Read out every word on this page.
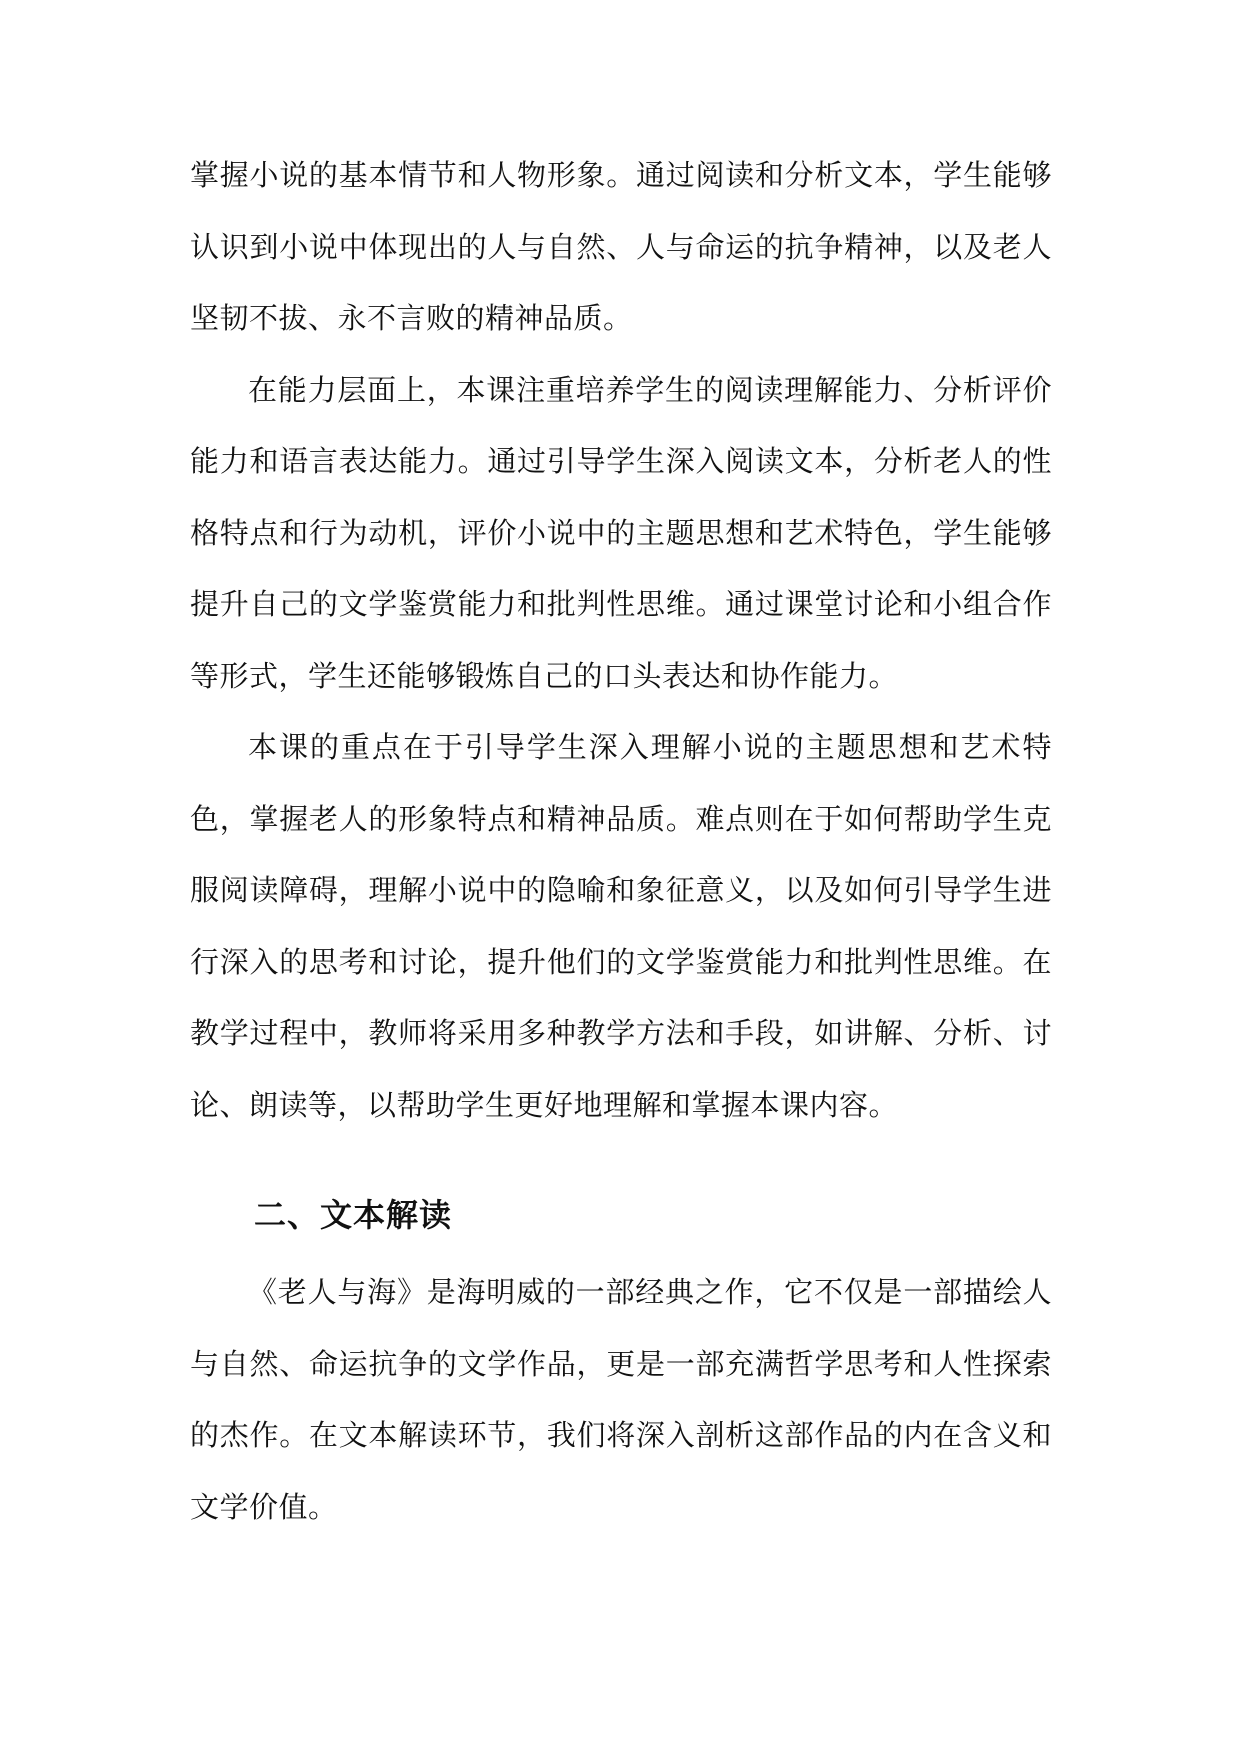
掌握小说的基本情节和人物形象。通过阅读和分析文本，学生能够认识到小说中体现出的人与自然、人与命运的抗争精神，以及老人坚韧不拔、永不言败的精神品质。

在能力层面上，本课注重培养学生的阅读理解能力、分析评价能力和语言表达能力。通过引导学生深入阅读文本，分析老人的性格特点和行为动机，评价小说中的主题思想和艺术特色，学生能够提升自己的文学鉴赏能力和批判性思维。通过课堂讨论和小组合作等形式，学生还能够锻炼自己的口头表达和协作能力。

本课的重点在于引导学生深入理解小说的主题思想和艺术特色，掌握老人的形象特点和精神品质。难点则在于如何帮助学生克服阅读障碍，理解小说中的隐喻和象征意义，以及如何引导学生进行深入的思考和讨论，提升他们的文学鉴赏能力和批判性思维。在教学过程中，教师将采用多种教学方法和手段，如讲解、分析、讨论、朗读等，以帮助学生更好地理解和掌握本课内容。

二、文本解读

《老人与海》是海明威的一部经典之作，它不仅是一部描绘人与自然、命运抗争的文学作品，更是一部充满哲学思考和人性探索的杰作。在文本解读环节，我们将深入剖析这部作品的内在含义和文学价值。
